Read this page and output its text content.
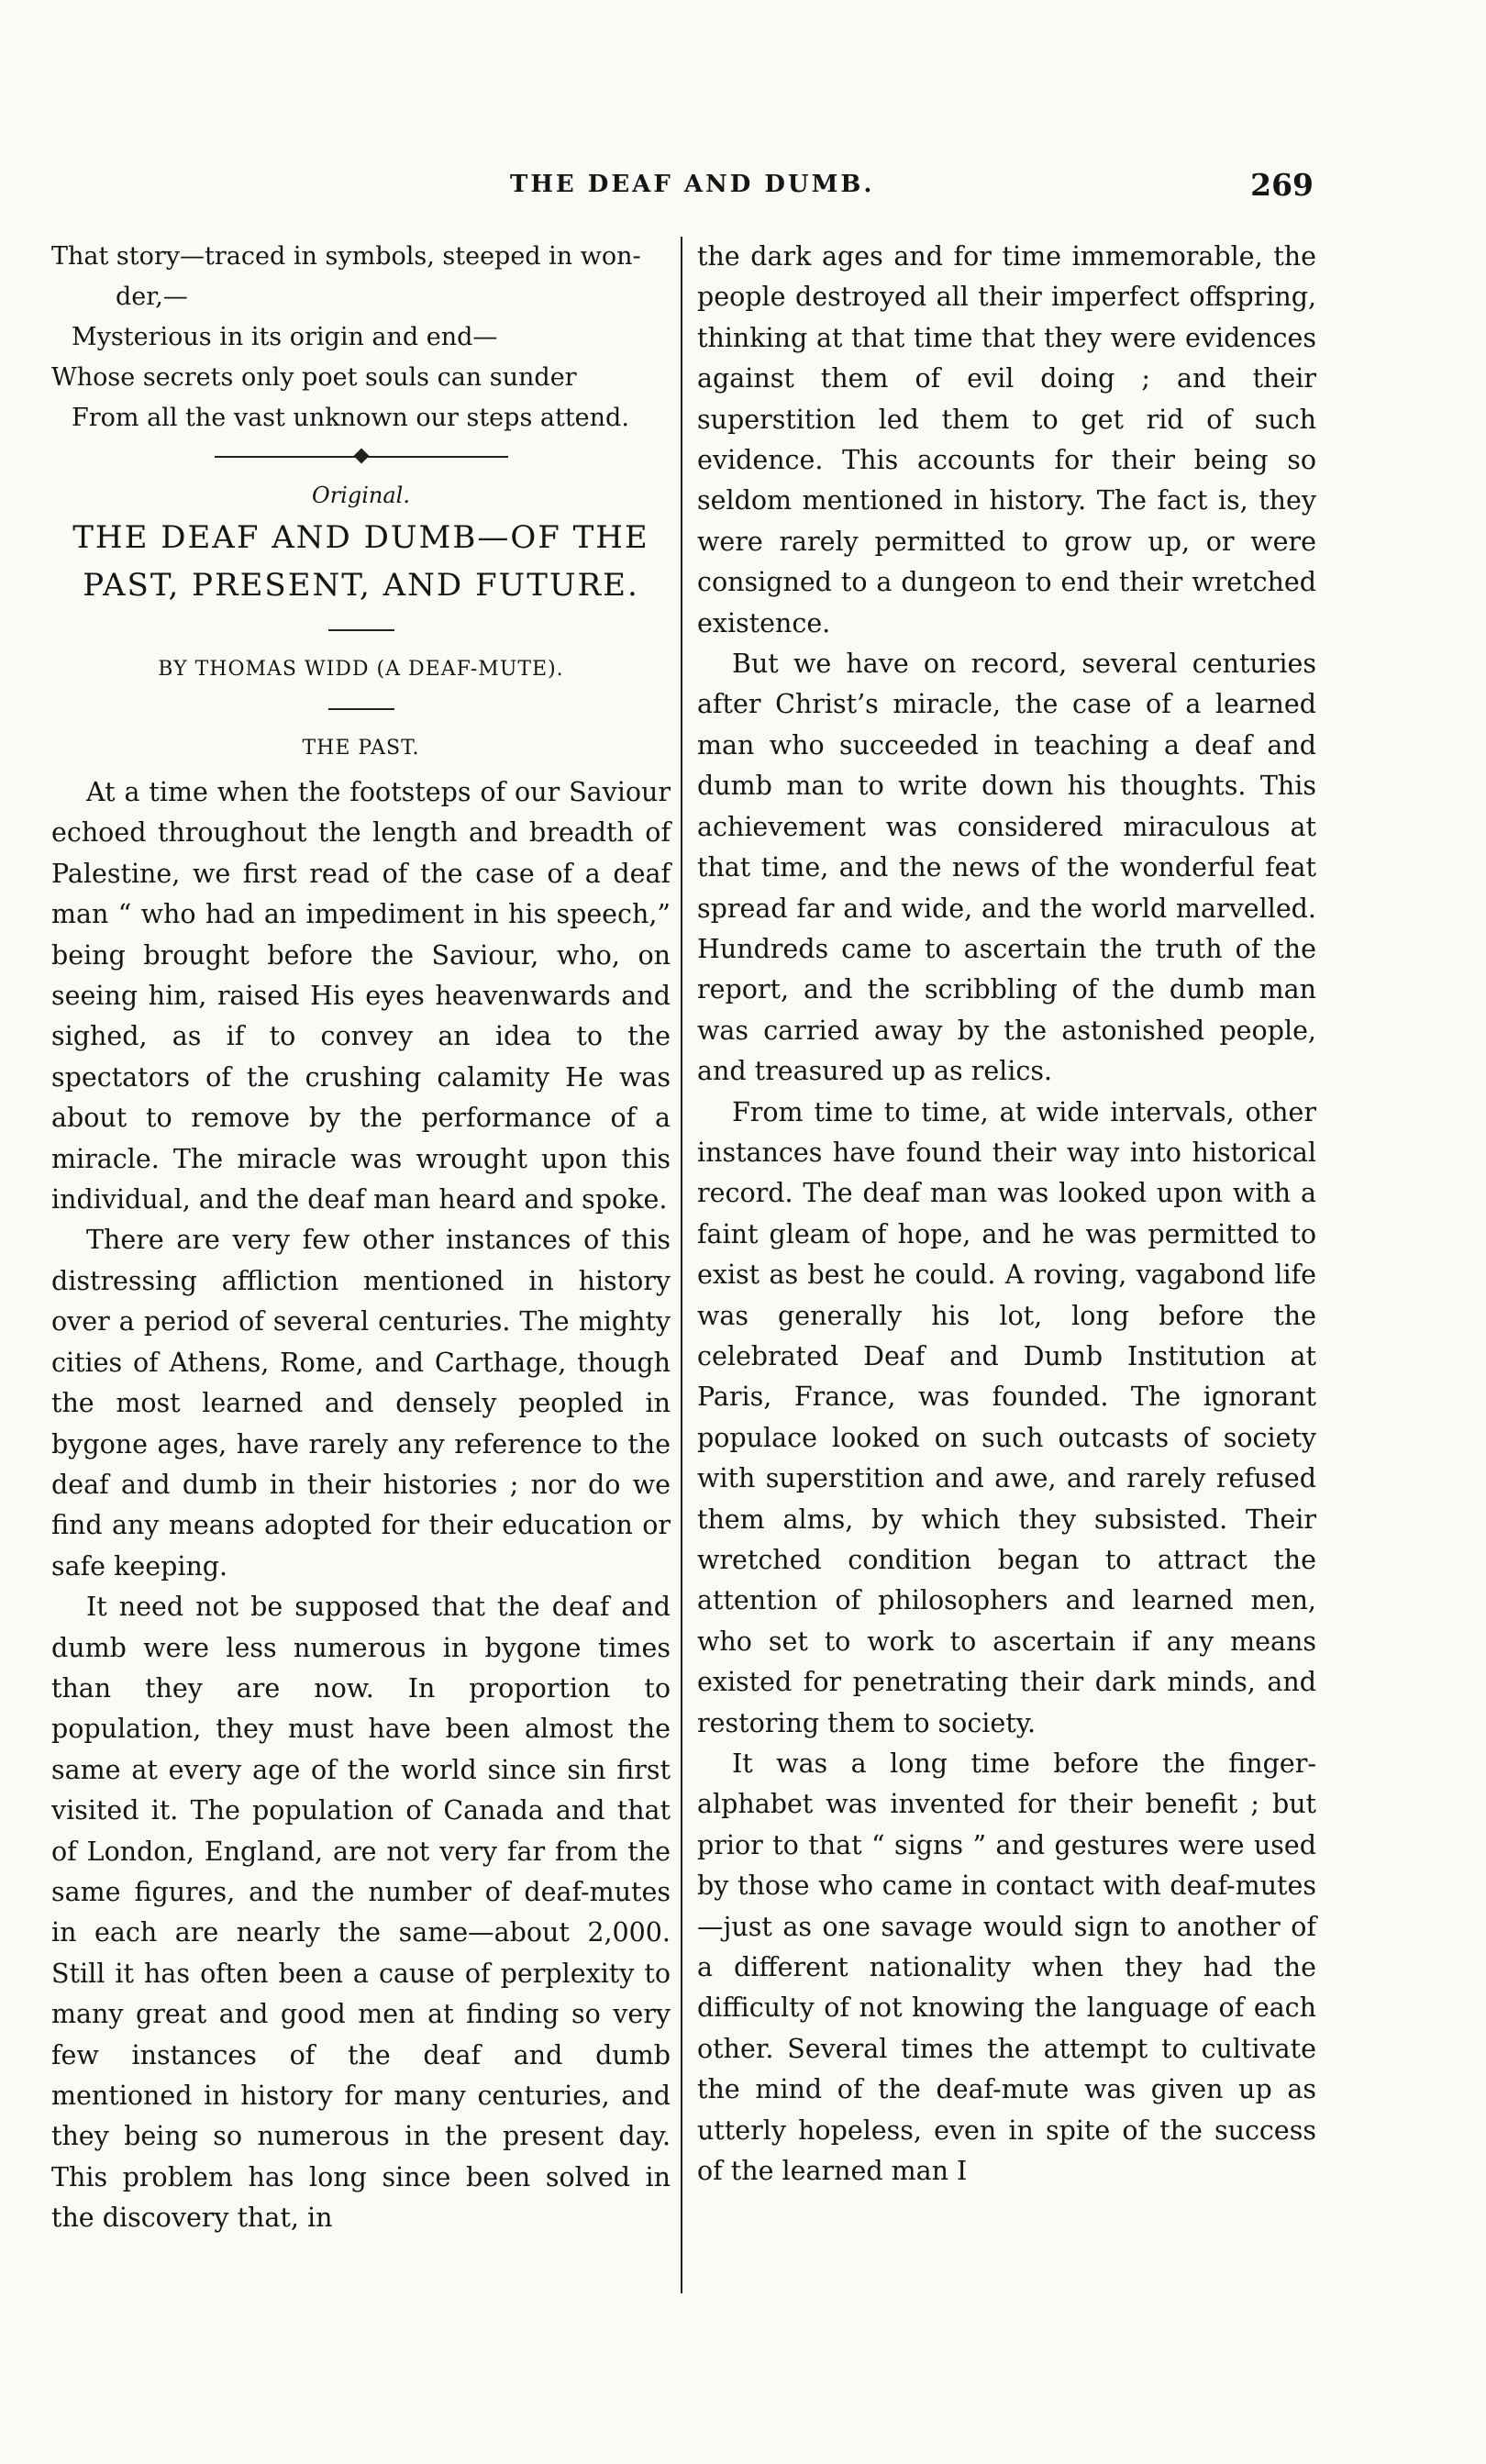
THE DEAF AND DUMB.	269
That story—traced in symbols, steeped in won-
der,—
Mysterious in its origin and end—
Whose secrets only poet souls can sunder
From all the vast unknown our steps attend.
Original.
THE DEAF AND DUMB—OF THE
PAST, PRESENT, AND FUTURE.
BY THOMAS WIDD (A DEAF-MUTE).
THE PAST.

At a time when the footsteps of our Saviour echoed throughout the length and breadth of Palestine, we first read of the case of a deaf man “ who had an impediment in his speech,” being brought before the Saviour, who, on seeing him, raised His eyes heavenwards and sighed, as if to convey an idea to the spectators of the crushing calamity He was about to remove by the performance of a miracle. The miracle was wrought upon this individual, and the deaf man heard and spoke.

There are very few other instances of this distressing affliction mentioned in history over a period of several centuries. The mighty cities of Athens, Rome, and Carthage, though the most learned and densely peopled in bygone ages, have rarely any reference to the deaf and dumb in their histories ; nor do we find any means adopted for their education or safe keeping.

It need not be supposed that the deaf and dumb were less numerous in bygone times than they are now. In proportion to population, they must have been almost the same at every age of the world since sin first visited it. The population of Canada and that of London, England, are not very far from the same figures, and the number of deaf-mutes in each are nearly the same—about 2,000. Still it has often been a cause of perplexity to many great and good men at finding so very few instances of the deaf and dumb mentioned in history for many centuries, and they being so numerous in the present day. This problem has long since been solved in the discovery that, in

the dark ages and for time immemorable, the people destroyed all their imperfect offspring, thinking at that time that they were evidences against them of evil doing ; and their superstition led them to get rid of such evidence. This accounts for their being so seldom mentioned in history. The fact is, they were rarely permitted to grow up, or were consigned to a dungeon to end their wretched existence.

But we have on record, several centuries after Christ’s miracle, the case of a learned man who succeeded in teaching a deaf and dumb man to write down his thoughts. This achievement was considered miraculous at that time, and the news of the wonderful feat spread far and wide, and the world marvelled. Hundreds came to ascertain the truth of the report, and the scribbling of the dumb man was carried away by the astonished people, and treasured up as relics.

From time to time, at wide intervals, other instances have found their way into historical record. The deaf man was looked upon with a faint gleam of hope, and he was permitted to exist as best he could. A roving, vagabond life was generally his lot, long before the celebrated Deaf and Dumb Institution at Paris, France, was founded. The ignorant populace looked on such outcasts of society with superstition and awe, and rarely refused them alms, by which they subsisted. Their wretched condition began to attract the attention of philosophers and learned men, who set to work to ascertain if any means existed for penetrating their dark minds, and restoring them to society.

It was a long time before the finger-alphabet was invented for their benefit ; but prior to that “ signs ” and gestures were used by those who came in contact with deaf-mutes—just as one savage would sign to another of a different nationality when they had the difficulty of not knowing the language of each other. Several times the attempt to cultivate the mind of the deaf-mute was given up as utterly hopeless, even in spite of the success of the learned man I
